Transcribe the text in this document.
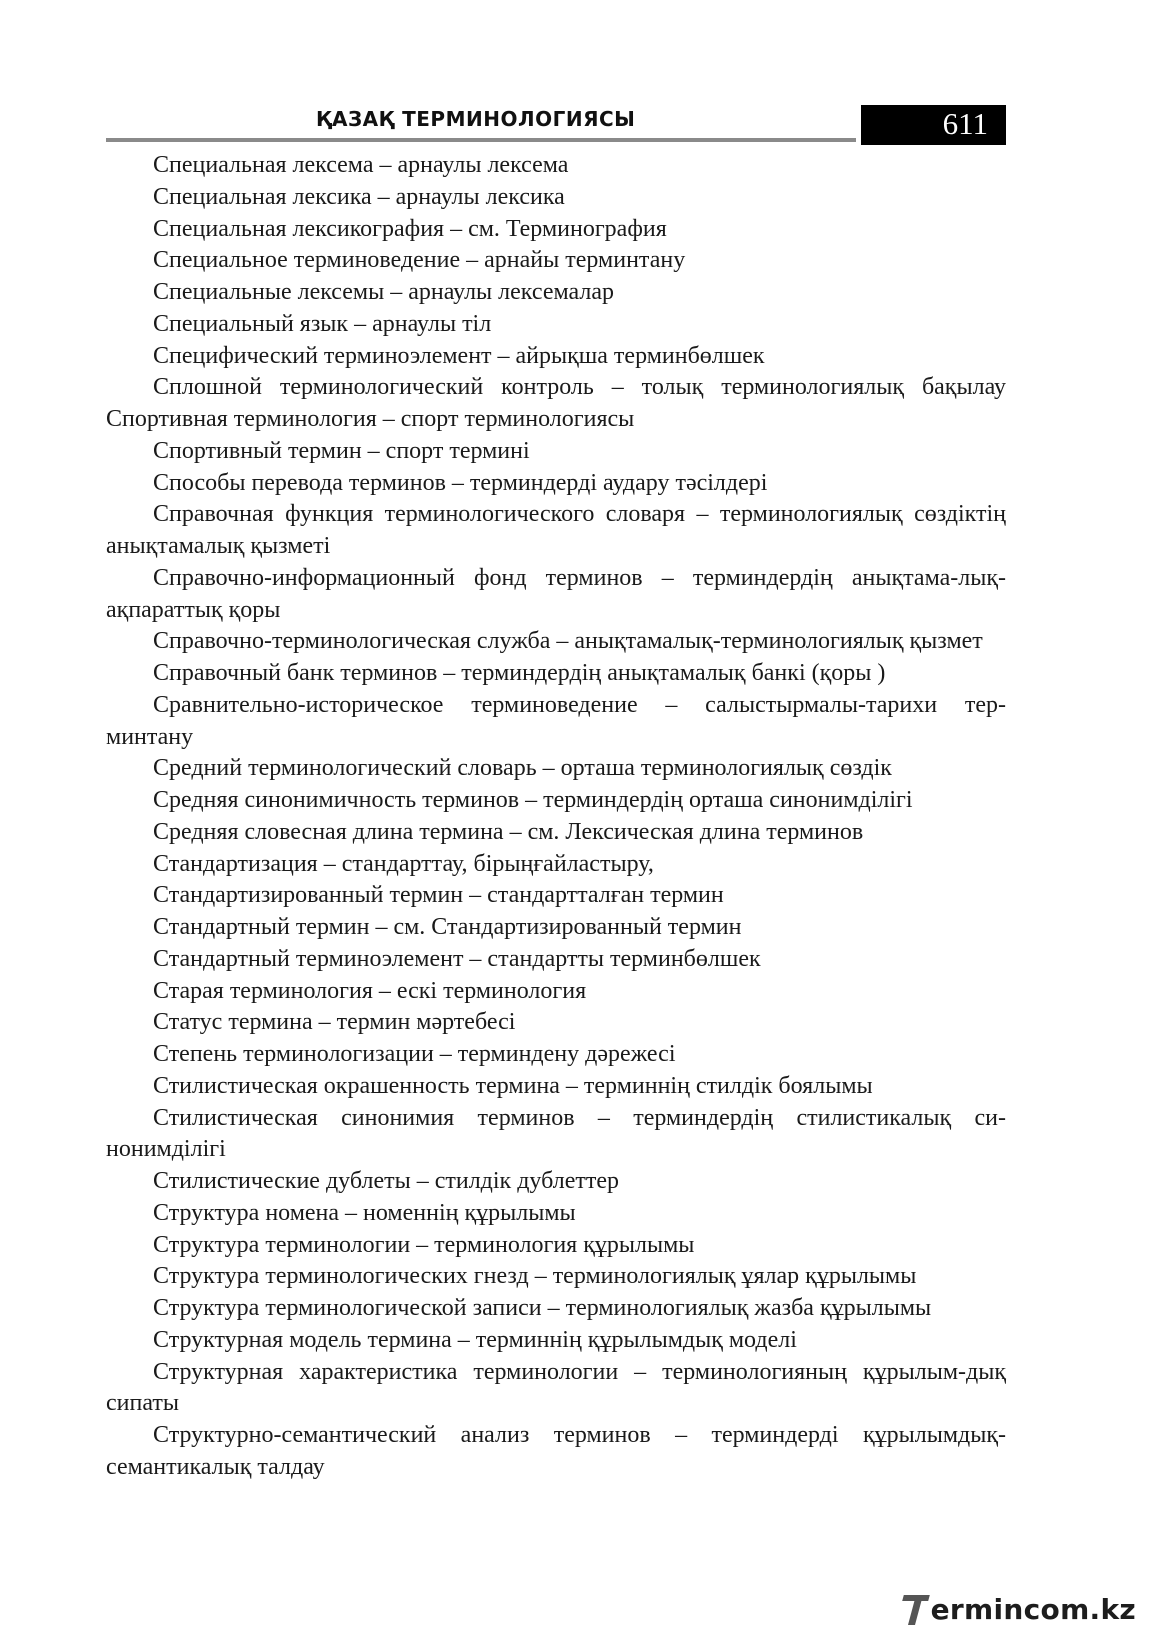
ҚАЗАҚ ТЕРМИНОЛОГИЯСЫ	611

Специальная лексема – арнаулы лексема

Специальная лексика – арнаулы лексика

Специальная лексикография – см. Терминография

Специальное терминоведение – арнайы терминтану

Специальные лексемы – арнаулы лексемалар

Специальный язык – арнаулы тіл

Специфический терминоэлемент – айрықша терминбөлшек

Сплошной терминологический контроль – толық терминологиялық бақылау Спортивная терминология – спорт терминологиясы

Спортивный термин – спорт термині

Способы перевода терминов – терминдерді аудару тәсілдері

Справочная функция терминологического словаря – терминологиялық сөздіктің анықтамалық қызметі

Справочно-информационный фонд терминов – терминдердің анықтама-лық-ақпараттық қоры

Справочно-терминологическая служба – анықтамалық-терминологиялық қызмет

Справочный банк терминов – терминдердің анықтамалық банкі (қоры )

Сравнительно-историческое терминоведение – салыстырмалы-тарихи тер-минтану

Средний терминологический словарь – орташа терминологиялық сөздік

Средняя синонимичность терминов – терминдердің орташа синонимділігі

Средняя словесная длина термина – см. Лексическая длина терминов

Стандартизация – стандарттау, бірыңғайластыру,

Стандартизированный термин – стандартталған термин

Стандартный термин – см. Стандартизированный термин

Стандартный терминоэлемент – стандартты терминбөлшек

Старая терминология – ескі терминология

Статус термина – термин мәртебесі

Степень терминологизации – терминдену дәрежесі

Стилистическая окрашенность термина – терминнің стилдік боялымы

Стилистическая синонимия терминов – терминдердің стилистикалық си-нонимділігі

Стилистические дублеты – стилдік дублеттер

Структура номена – номеннің құрылымы

Структура терминологии – терминология құрылымы

Структура терминологических гнезд – терминологиялық ұялар құрылымы

Структура терминологической записи – терминологиялық жазба құрылымы

Структурная модель термина – терминнің құрылымдық моделі

Структурная характеристика терминологии – терминологияның құрылым-дық сипаты

Структурно-семантический анализ терминов – терминдерді құрылымдық-семантикалық талдау

ermincom.kz
